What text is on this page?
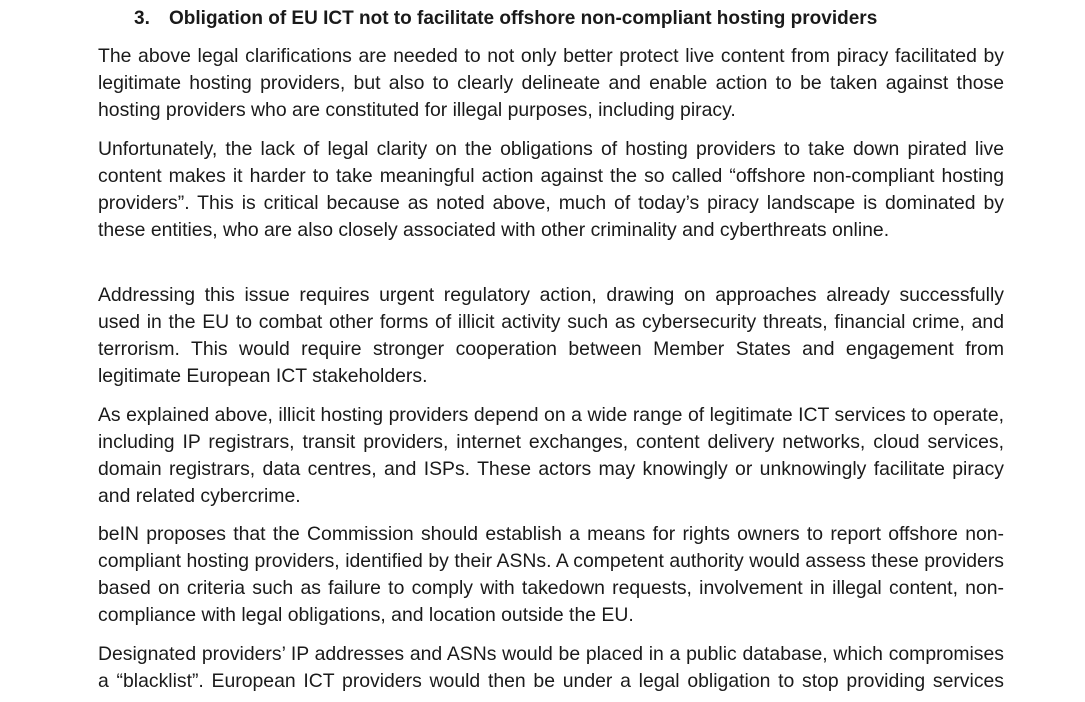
3. Obligation of EU ICT not to facilitate offshore non-compliant hosting providers

The above legal clarifications are needed to not only better protect live content from piracy facilitated by legitimate hosting providers, but also to clearly delineate and enable action to be taken against those hosting providers who are constituted for illegal purposes, including piracy.

Unfortunately, the lack of legal clarity on the obligations of hosting providers to take down pirated live content makes it harder to take meaningful action against the so called “offshore non-compliant hosting providers”. This is critical because as noted above, much of today’s piracy landscape is dominated by these entities, who are also closely associated with other criminality and cyberthreats online.

Addressing this issue requires urgent regulatory action, drawing on approaches already successfully used in the EU to combat other forms of illicit activity such as cybersecurity threats, financial crime, and terrorism. This would require stronger cooperation between Member States and engagement from legitimate European ICT stakeholders.

As explained above, illicit hosting providers depend on a wide range of legitimate ICT services to operate, including IP registrars, transit providers, internet exchanges, content delivery networks, cloud services, domain registrars, data centres, and ISPs. These actors may knowingly or unknowingly facilitate piracy and related cybercrime.

beIN proposes that the Commission should establish a means for rights owners to report offshore non-compliant hosting providers, identified by their ASNs. A competent authority would assess these providers based on criteria such as failure to comply with takedown requests, involvement in illegal content, non-compliance with legal obligations, and location outside the EU.

Designated providers’ IP addresses and ASNs would be placed in a public database, which compromises a “blacklist”. European ICT providers would then be under a legal obligation to stop providing services
